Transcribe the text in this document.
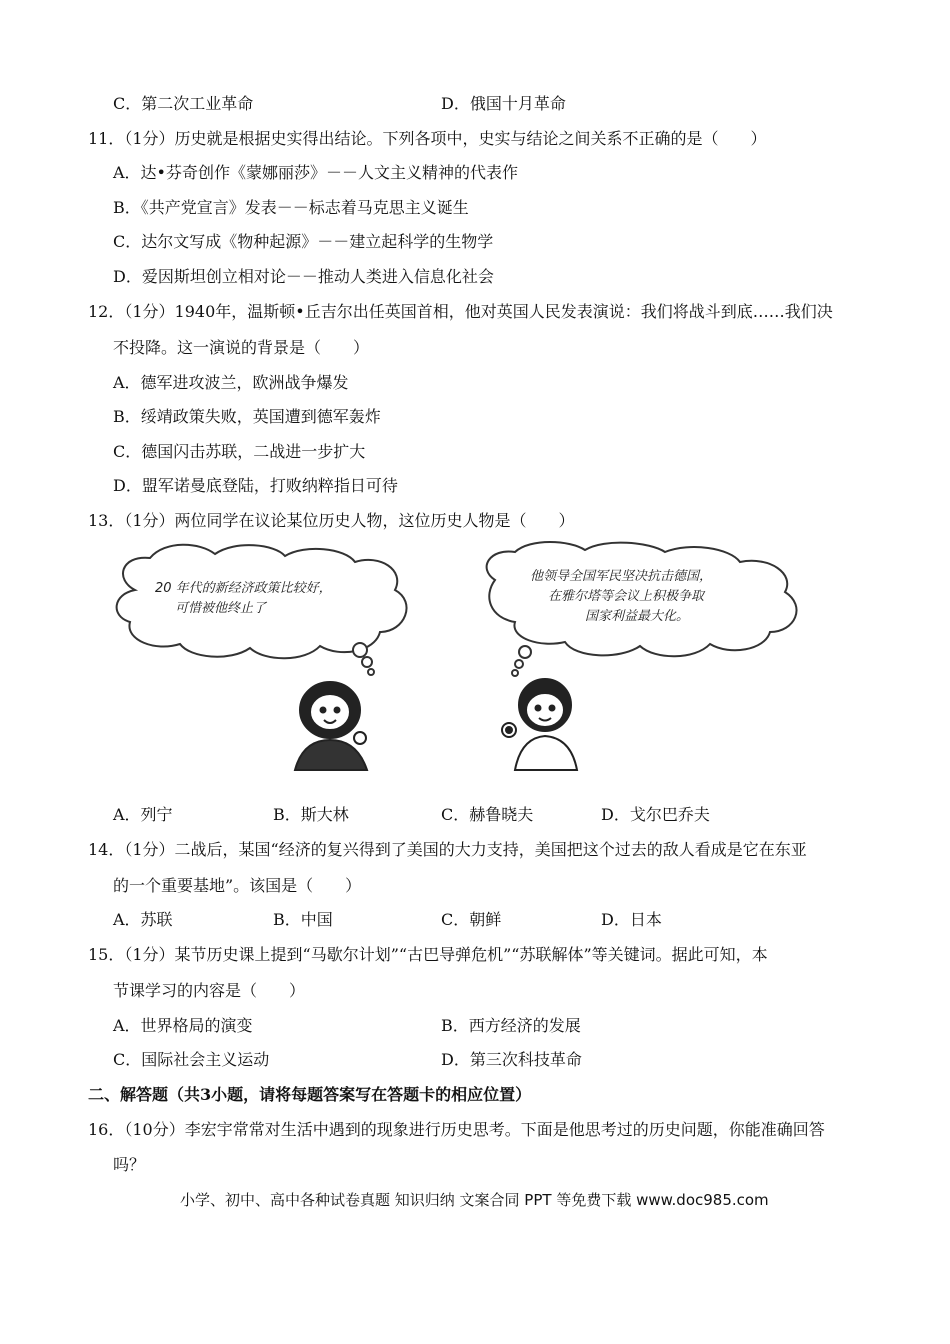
C．第二次工业革命	D．俄国十月革命
11．（1分）历史就是根据史实得出结论。下列各项中，史实与结论之间关系不正确的是（　　）
A．达•芬奇创作《蒙娜丽莎》－－人文主义精神的代表作
B．《共产党宣言》发表－－标志着马克思主义诞生
C．达尔文写成《物种起源》－－建立起科学的生物学
D．爱因斯坦创立相对论－－推动人类进入信息化社会
12．（1分）1940年，温斯顿•丘吉尔出任英国首相，他对英国人民发表演说：我们将战斗到底……我们决
不投降。这一演说的背景是（　　）
A．德军进攻波兰，欧洲战争爆发
B．绥靖政策失败，英国遭到德军轰炸
C．德国闪击苏联，二战进一步扩大
D．盟军诺曼底登陆，打败纳粹指日可待
13．（1分）两位同学在议论某位历史人物，这位历史人物是（　　）
20 年代的新经济政策比较好，
可惜被他终止了
他领导全国军民坚决抗击德国，
在雅尔塔等会议上积极争取
国家利益最大化。
A．列宁	B．斯大林	C．赫鲁晓夫	D．戈尔巴乔夫
14．（1分）二战后，某国“经济的复兴得到了美国的大力支持，美国把这个过去的敌人看成是它在东亚
的一个重要基地”。该国是（　　）
A．苏联	B．中国	C．朝鲜	D．日本
15．（1分）某节历史课上提到“马歇尔计划”“古巴导弹危机”“苏联解体”等关键词。据此可知，本
节课学习的内容是（　　）
A．世界格局的演变	B．西方经济的发展
C．国际社会主义运动	D．第三次科技革命
二、解答题（共3小题，请将每题答案写在答题卡的相应位置）
16．（10分）李宏宇常常对生活中遇到的现象进行历史思考。下面是他思考过的历史问题，你能准确回答
吗？
小学、初中、高中各种试卷真题 知识归纳 文案合同 PPT 等免费下载 www.doc985.com
